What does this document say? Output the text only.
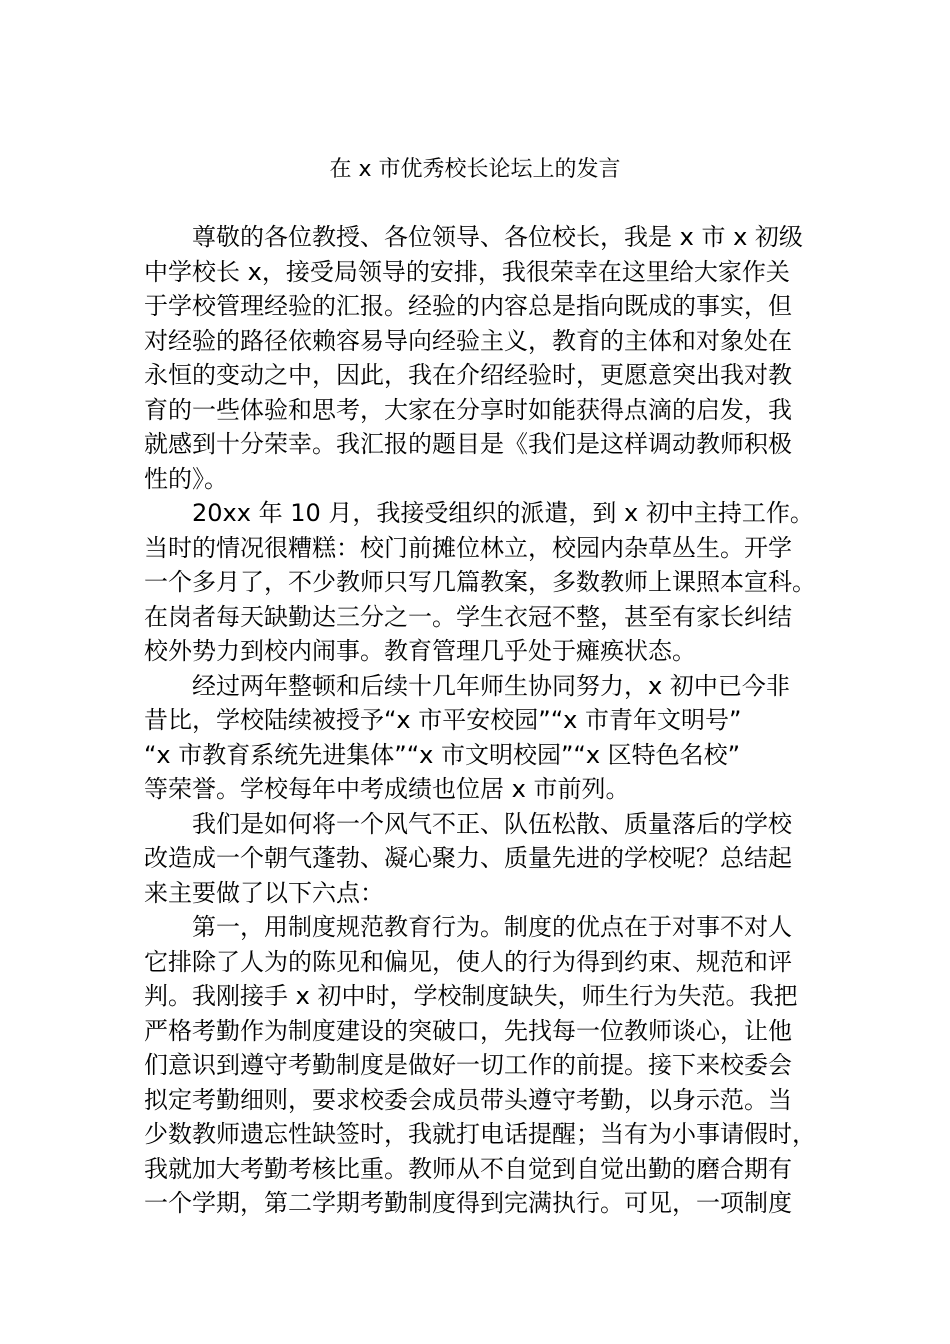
在 x 市优秀校长论坛上的发言
尊敬的各位教授、各位领导、各位校长，我是 x 市 x 初级
中学校长 x，接受局领导的安排，我很荣幸在这里给大家作关
于学校管理经验的汇报。经验的内容总是指向既成的事实，但
对经验的路径依赖容易导向经验主义，教育的主体和对象处在
永恒的变动之中，因此，我在介绍经验时，更愿意突出我对教
育的一些体验和思考，大家在分享时如能获得点滴的启发，我
就感到十分荣幸。我汇报的题目是《我们是这样调动教师积极
性的》。
20xx 年 10 月，我接受组织的派遣，到 x 初中主持工作。
当时的情况很糟糕：校门前摊位林立，校园内杂草丛生。开学
一个多月了，不少教师只写几篇教案，多数教师上课照本宣科。
在岗者每天缺勤达三分之一。学生衣冠不整，甚至有家长纠结
校外势力到校内闹事。教育管理几乎处于瘫痪状态。
经过两年整顿和后续十几年师生协同努力，x 初中已今非
昔比，学校陆续被授予“x 市平安校园”“x 市青年文明号”
“x 市教育系统先进集体”“x 市文明校园”“x 区特色名校”
等荣誉。学校每年中考成绩也位居 x 市前列。
我们是如何将一个风气不正、队伍松散、质量落后的学校
改造成一个朝气蓬勃、凝心聚力、质量先进的学校呢？总结起
来主要做了以下六点：
第一，用制度规范教育行为。制度的优点在于对事不对人
它排除了人为的陈见和偏见，使人的行为得到约束、规范和评
判。我刚接手 x 初中时，学校制度缺失，师生行为失范。我把
严格考勤作为制度建设的突破口，先找每一位教师谈心，让他
们意识到遵守考勤制度是做好一切工作的前提。接下来校委会
拟定考勤细则，要求校委会成员带头遵守考勤，以身示范。当
少数教师遗忘性缺签时，我就打电话提醒；当有为小事请假时，
我就加大考勤考核比重。教师从不自觉到自觉出勤的磨合期有
一个学期，第二学期考勤制度得到完满执行。可见，一项制度
